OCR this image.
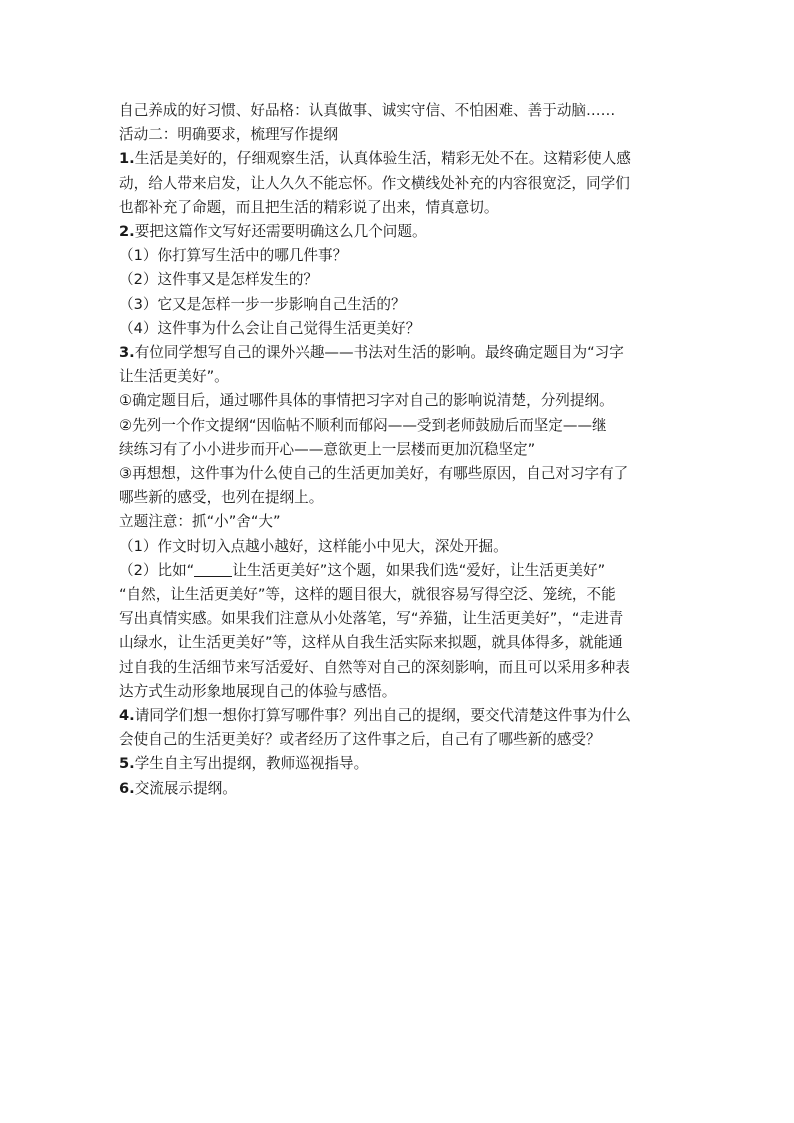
自己养成的好习惯、好品格：认真做事、诚实守信、不怕困难、善于动脑……
活动二：明确要求，梳理写作提纲
1.生活是美好的，仔细观察生活，认真体验生活，精彩无处不在。这精彩使人感
动，给人带来启发，让人久久不能忘怀。作文横线处补充的内容很宽泛，同学们
也都补充了命题，而且把生活的精彩说了出来，情真意切。
2.要把这篇作文写好还需要明确这么几个问题。
（1）你打算写生活中的哪几件事？
（2）这件事又是怎样发生的？
（3）它又是怎样一步一步影响自己生活的？
（4）这件事为什么会让自己觉得生活更美好？
3.有位同学想写自己的课外兴趣——书法对生活的影响。最终确定题目为“习字
让生活更美好”。
①确定题目后，通过哪件具体的事情把习字对自己的影响说清楚，分列提纲。
②先列一个作文提纲“因临帖不顺利而郁闷——受到老师鼓励后而坚定——继
续练习有了小小进步而开心——意欲更上一层楼而更加沉稳坚定”
③再想想，这件事为什么使自己的生活更加美好，有哪些原因，自己对习字有了
哪些新的感受，也列在提纲上。
立题注意：抓“小”舍“大”
（1）作文时切入点越小越好，这样能小中见大，深处开掘。
（2）比如“	让生活更美好”这个题，如果我们选“爱好，让生活更美好”
“自然，让生活更美好”等，这样的题目很大，就很容易写得空泛、笼统，不能
写出真情实感。如果我们注意从小处落笔，写“养猫，让生活更美好”，“走进青
山绿水，让生活更美好”等，这样从自我生活实际来拟题，就具体得多，就能通
过自我的生活细节来写活爱好、自然等对自己的深刻影响，而且可以采用多种表
达方式生动形象地展现自己的体验与感悟。
4.请同学们想一想你打算写哪件事？列出自己的提纲，要交代清楚这件事为什么
会使自己的生活更美好？或者经历了这件事之后，自己有了哪些新的感受？
5.学生自主写出提纲，教师巡视指导。
6.交流展示提纲。
